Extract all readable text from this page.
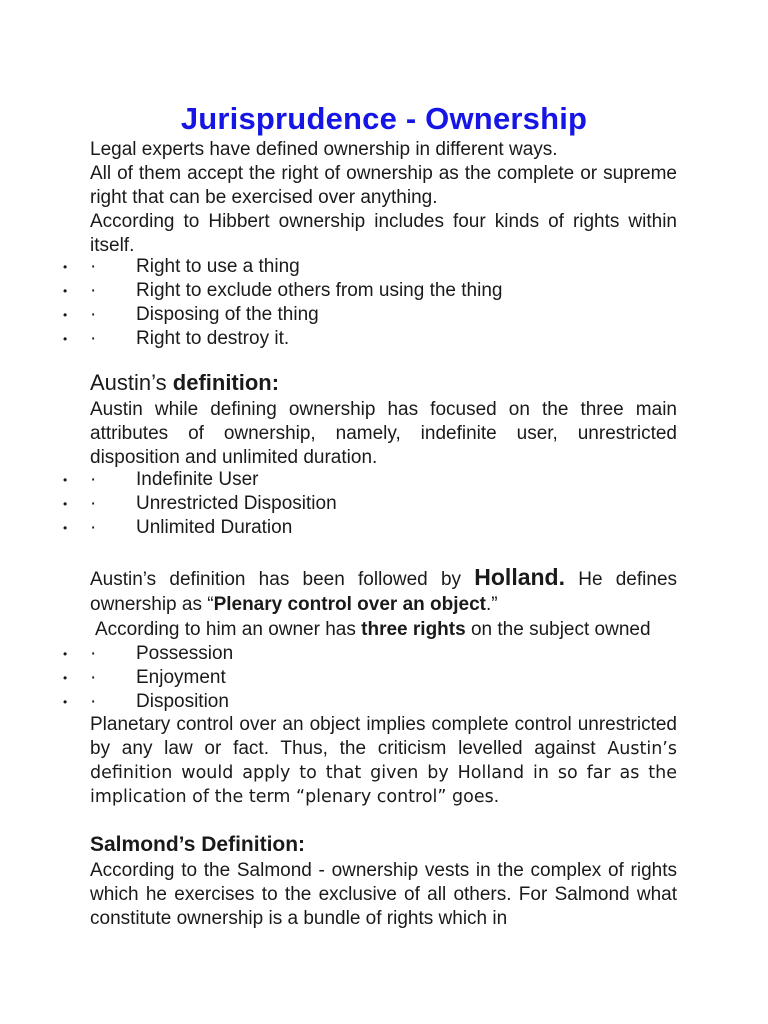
Jurisprudence - Ownership

Legal experts have defined ownership in different ways.

All of them accept the right of ownership as the complete or supreme right that can be exercised over anything.

According to Hibbert ownership includes four kinds of rights within itself.

• · Right to use a thing
• · Right to exclude others from using the thing
• · Disposing of the thing
• · Right to destroy it.

Austin’s definition:

Austin while defining ownership has focused on the three main attributes of ownership, namely, indefinite user, unrestricted disposition and unlimited duration.

• · Indefinite User
• · Unrestricted Disposition
• · Unlimited Duration

Austin’s definition has been followed by Holland. He defines ownership as “Plenary control over an object.”

According to him an owner has three rights on the subject owned

• · Possession
• · Enjoyment
• · Disposition

Planetary control over an object implies complete control unrestricted by any law or fact. Thus, the criticism levelled against Austin’s definition would apply to that given by Holland in so far as the implication of the term “plenary control” goes.

Salmond’s Definition:

According to the Salmond - ownership vests in the complex of rights which he exercises to the exclusive of all others. For Salmond what constitute ownership is a bundle of rights which in
